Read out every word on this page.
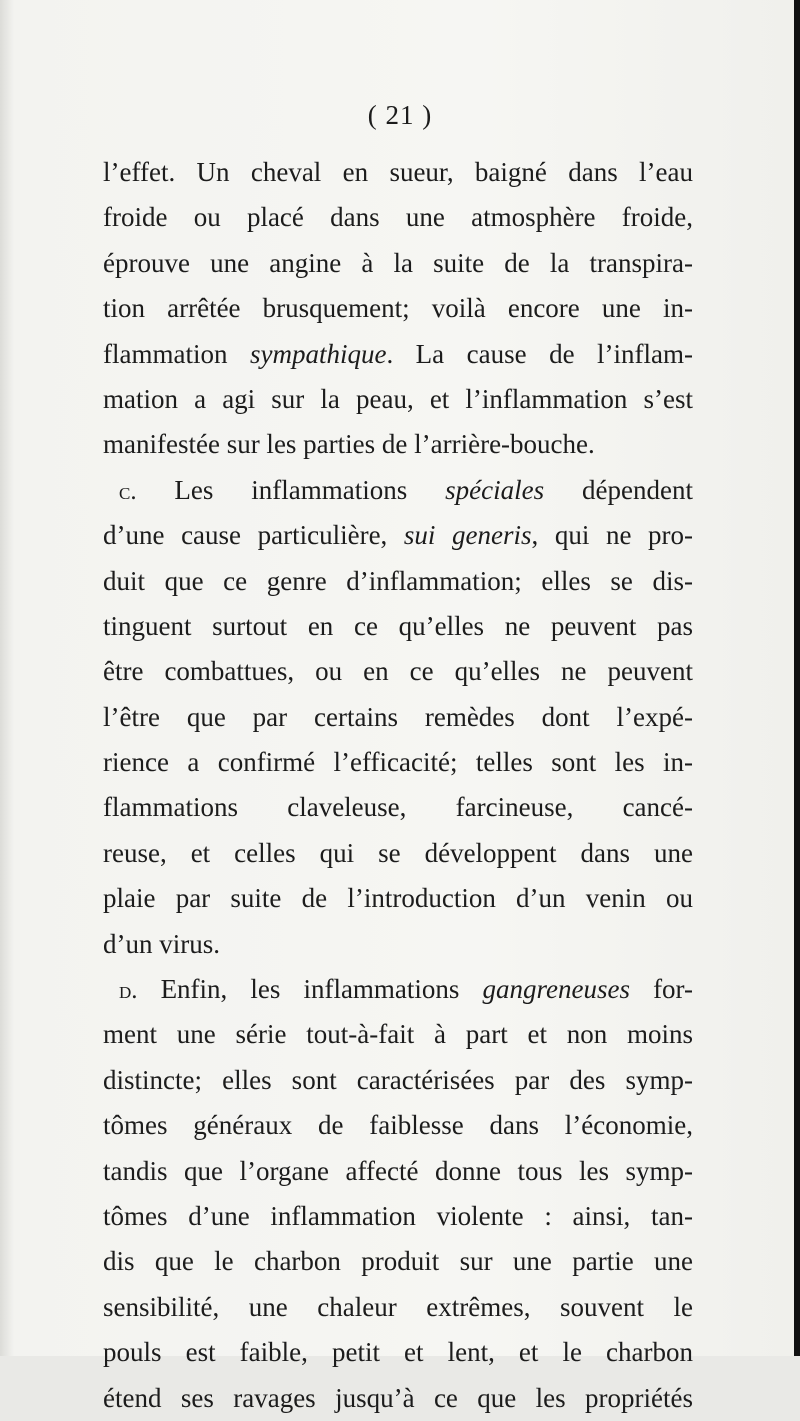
( 21 )
l’effet. Un cheval en sueur, baigné dans l’eau
froide ou placé dans une atmosphère froide,
éprouve une angine à la suite de la transpira-
tion arrêtée brusquement; voilà encore une in-
flammation sympathique. La cause de l’inflam-
mation a agi sur la peau, et l’inflammation s’est
manifestée sur les parties de l’arrière-bouche.
c. Les inflammations spéciales dépendent
d’une cause particulière, sui generis, qui ne pro-
duit que ce genre d’inflammation; elles se dis-
tinguent surtout en ce qu’elles ne peuvent pas
être combattues, ou en ce qu’elles ne peuvent
l’être que par certains remèdes dont l’expé-
rience a confirmé l’efficacité; telles sont les in-
flammations claveleuse, farcineuse, cancé-
reuse, et celles qui se développent dans une
plaie par suite de l’introduction d’un venin ou
d’un virus.
d. Enfin, les inflammations gangreneuses for-
ment une série tout-à-fait à part et non moins
distincte; elles sont caractérisées par des symp-
tômes généraux de faiblesse dans l’économie,
tandis que l’organe affecté donne tous les symp-
tômes d’une inflammation violente : ainsi, tan-
dis que le charbon produit sur une partie une
sensibilité, une chaleur extrêmes, souvent le
pouls est faible, petit et lent, et le charbon
étend ses ravages jusqu’à ce que les propriétés
